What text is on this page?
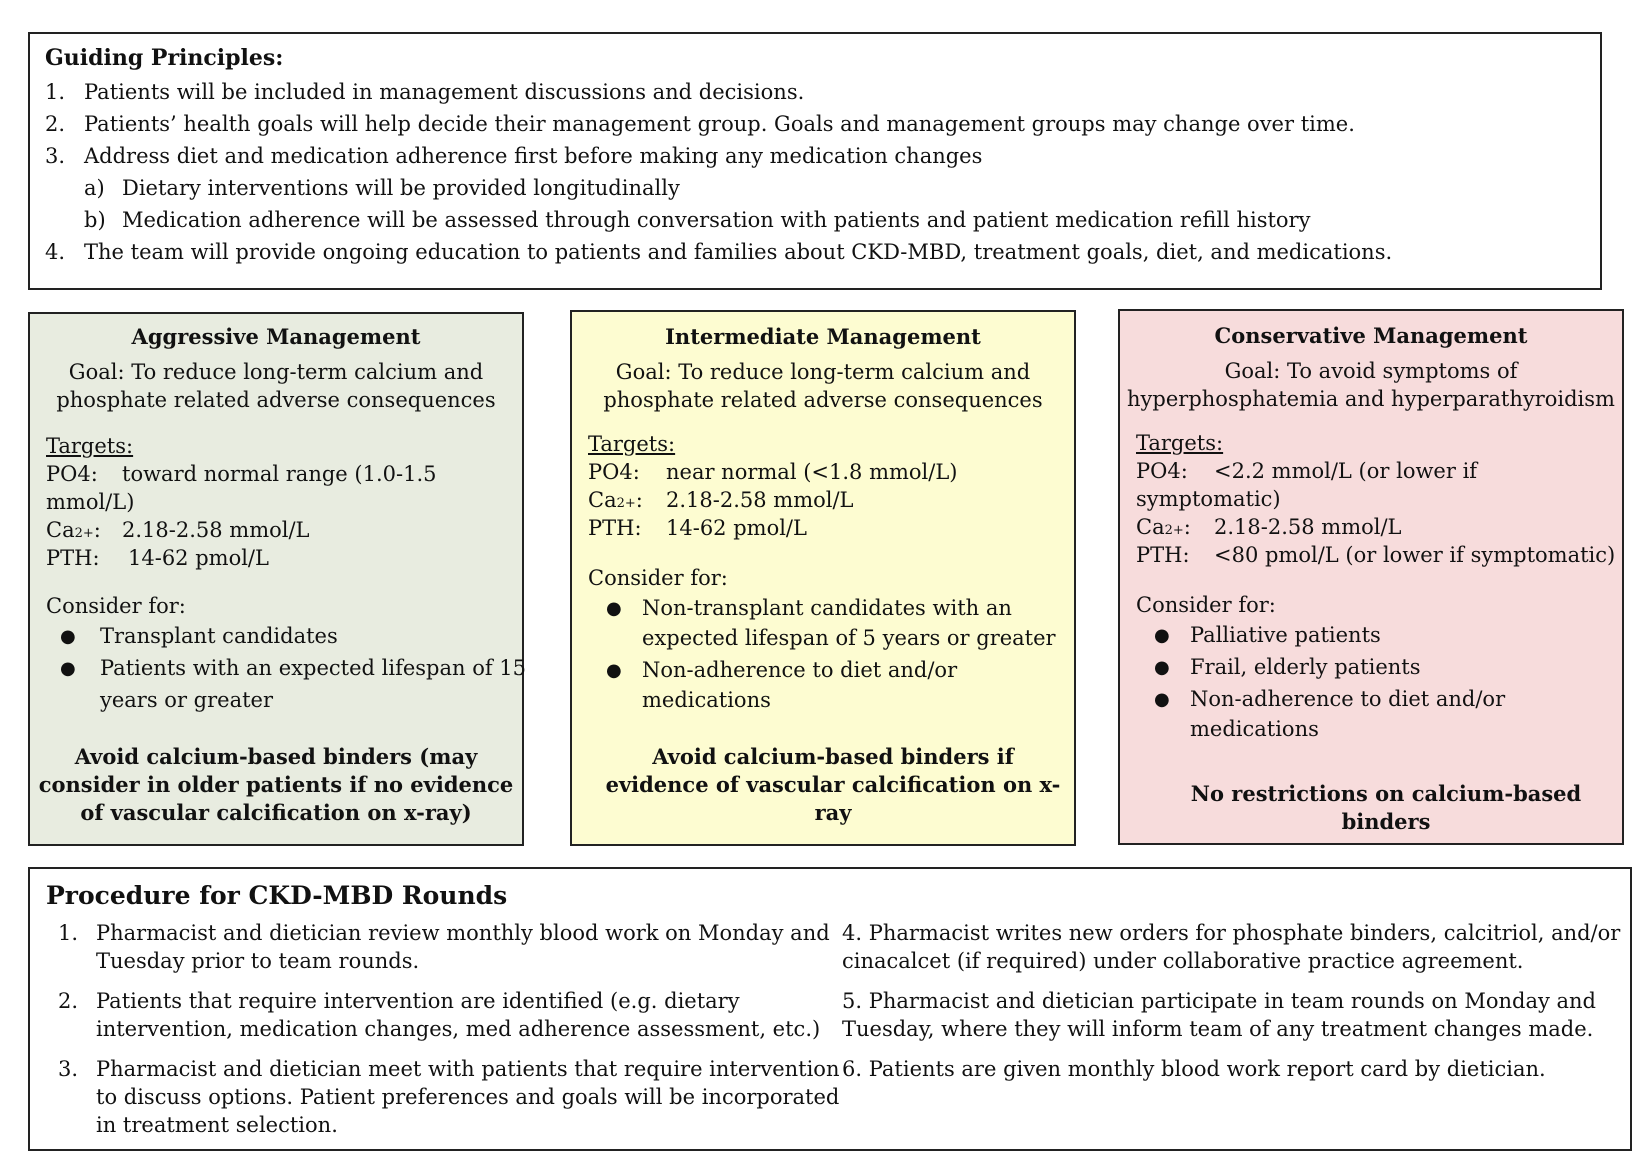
Guiding Principles:
1. Patients will be included in management discussions and decisions.
2. Patients’ health goals will help decide their management group. Goals and management groups may change over time.
3. Address diet and medication adherence first before making any medication changes
a) Dietary interventions will be provided longitudinally
b) Medication adherence will be assessed through conversation with patients and patient medication refill history
4. The team will provide ongoing education to patients and families about CKD-MBD, treatment goals, diet, and medications.
Aggressive Management
Goal: To reduce long-term calcium and
phosphate related adverse consequences
Targets:
PO4: toward normal range (1.0-1.5
mmol/L)
Ca2+: 2.18-2.58 mmol/L
PTH: 14-62 pmol/L
Consider for:
● Transplant candidates
● Patients with an expected lifespan of 15
years or greater
Avoid calcium-based binders (may
consider in older patients if no evidence
of vascular calcification on x-ray)
Intermediate Management
Goal: To reduce long-term calcium and
phosphate related adverse consequences
Targets:
PO4: near normal (<1.8 mmol/L)
Ca2+: 2.18-2.58 mmol/L
PTH: 14-62 pmol/L
Consider for:
● Non-transplant candidates with an
expected lifespan of 5 years or greater
● Non-adherence to diet and/or
medications
Avoid calcium-based binders if
evidence of vascular calcification on x-
ray
Conservative Management
Goal: To avoid symptoms of
hyperphosphatemia and hyperparathyroidism
Targets:
PO4: <2.2 mmol/L (or lower if
symptomatic)
Ca2+: 2.18-2.58 mmol/L
PTH: <80 pmol/L (or lower if symptomatic)
Consider for:
● Palliative patients
● Frail, elderly patients
● Non-adherence to diet and/or
medications
No restrictions on calcium-based
binders
Procedure for CKD-MBD Rounds
1. Pharmacist and dietician review monthly blood work on Monday and
Tuesday prior to team rounds.
2. Patients that require intervention are identified (e.g. dietary
intervention, medication changes, med adherence assessment, etc.)
3. Pharmacist and dietician meet with patients that require intervention
to discuss options. Patient preferences and goals will be incorporated
in treatment selection.
4. Pharmacist writes new orders for phosphate binders, calcitriol, and/or
cinacalcet (if required) under collaborative practice agreement.
5. Pharmacist and dietician participate in team rounds on Monday and
Tuesday, where they will inform team of any treatment changes made.
6. Patients are given monthly blood work report card by dietician.
